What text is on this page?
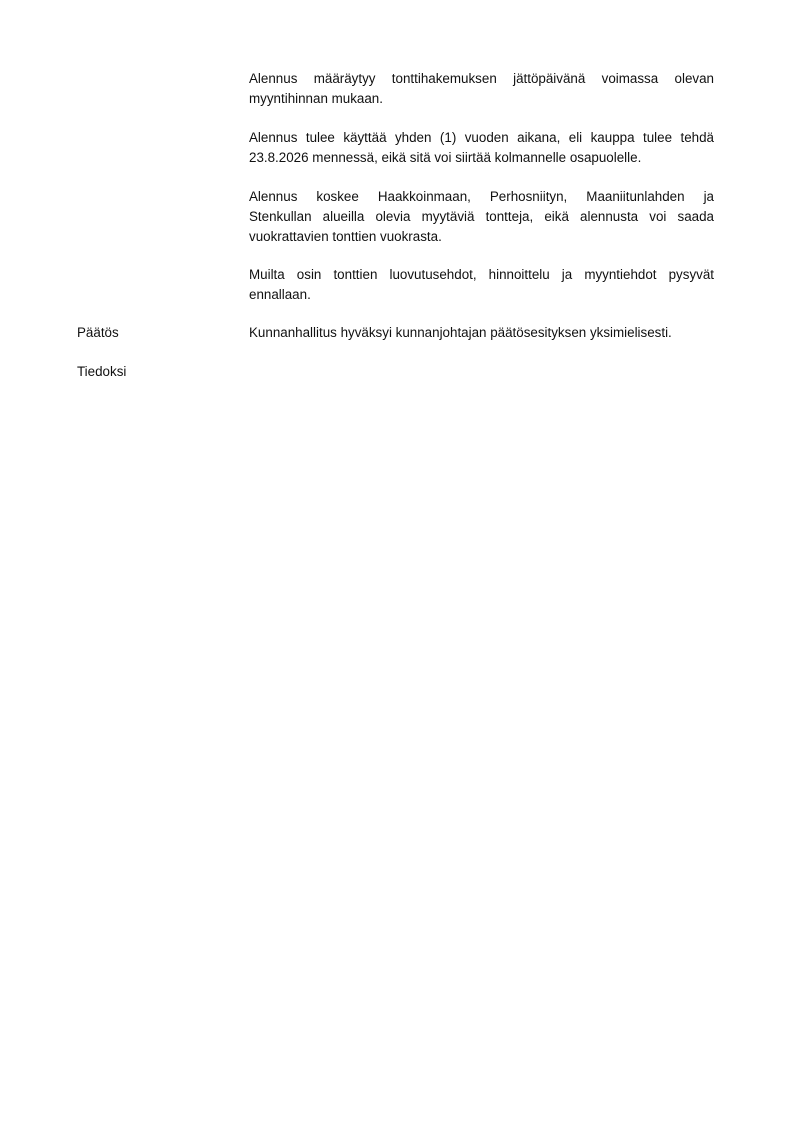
Alennus määräytyy tonttihakemuksen jättöpäivänä voimassa olevan
myyntihinnan mukaan.
Alennus tulee käyttää yhden (1) vuoden aikana, eli kauppa tulee tehdä
23.8.2026 mennessä, eikä sitä voi siirtää kolmannelle osapuolelle.
Alennus koskee Haakkoinmaan, Perhosniityn, Maaniitunlahden ja
Stenkullan alueilla olevia myytäviä tontteja, eikä alennusta voi saada
vuokrattavien tonttien vuokrasta.
Muilta osin tonttien luovutusehdot, hinnoittelu ja myyntiehdot pysyvät
ennallaan.

Päätös	Kunnanhallitus hyväksyi kunnanjohtajan päätösesityksen yksimielisesti.

Tiedoksi
